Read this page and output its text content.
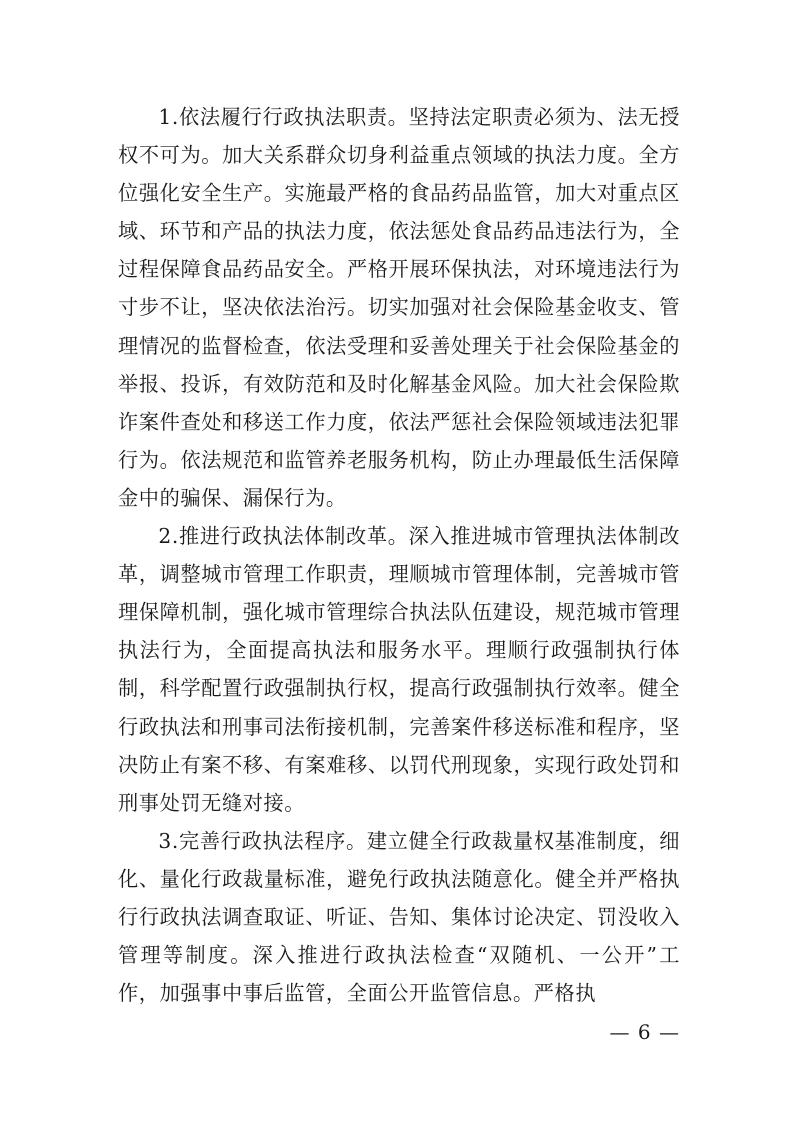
1.依法履行行政执法职责。坚持法定职责必须为、法无授权不可为。加大关系群众切身利益重点领域的执法力度。全方位强化安全生产。实施最严格的食品药品监管，加大对重点区域、环节和产品的执法力度，依法惩处食品药品违法行为，全过程保障食品药品安全。严格开展环保执法，对环境违法行为寸步不让，坚决依法治污。切实加强对社会保险基金收支、管理情况的监督检查，依法受理和妥善处理关于社会保险基金的举报、投诉，有效防范和及时化解基金风险。加大社会保险欺诈案件查处和移送工作力度，依法严惩社会保险领域违法犯罪行为。依法规范和监管养老服务机构，防止办理最低生活保障金中的骗保、漏保行为。

2.推进行政执法体制改革。深入推进城市管理执法体制改革，调整城市管理工作职责，理顺城市管理体制，完善城市管理保障机制，强化城市管理综合执法队伍建设，规范城市管理执法行为，全面提高执法和服务水平。理顺行政强制执行体制，科学配置行政强制执行权，提高行政强制执行效率。健全行政执法和刑事司法衔接机制，完善案件移送标准和程序，坚决防止有案不移、有案难移、以罚代刑现象，实现行政处罚和刑事处罚无缝对接。

3.完善行政执法程序。建立健全行政裁量权基准制度，细化、量化行政裁量标准，避免行政执法随意化。健全并严格执行行政执法调查取证、听证、告知、集体讨论决定、罚没收入管理等制度。深入推进行政执法检查“双随机、一公开”工作，加强事中事后监管，全面公开监管信息。严格执

— 6 —
